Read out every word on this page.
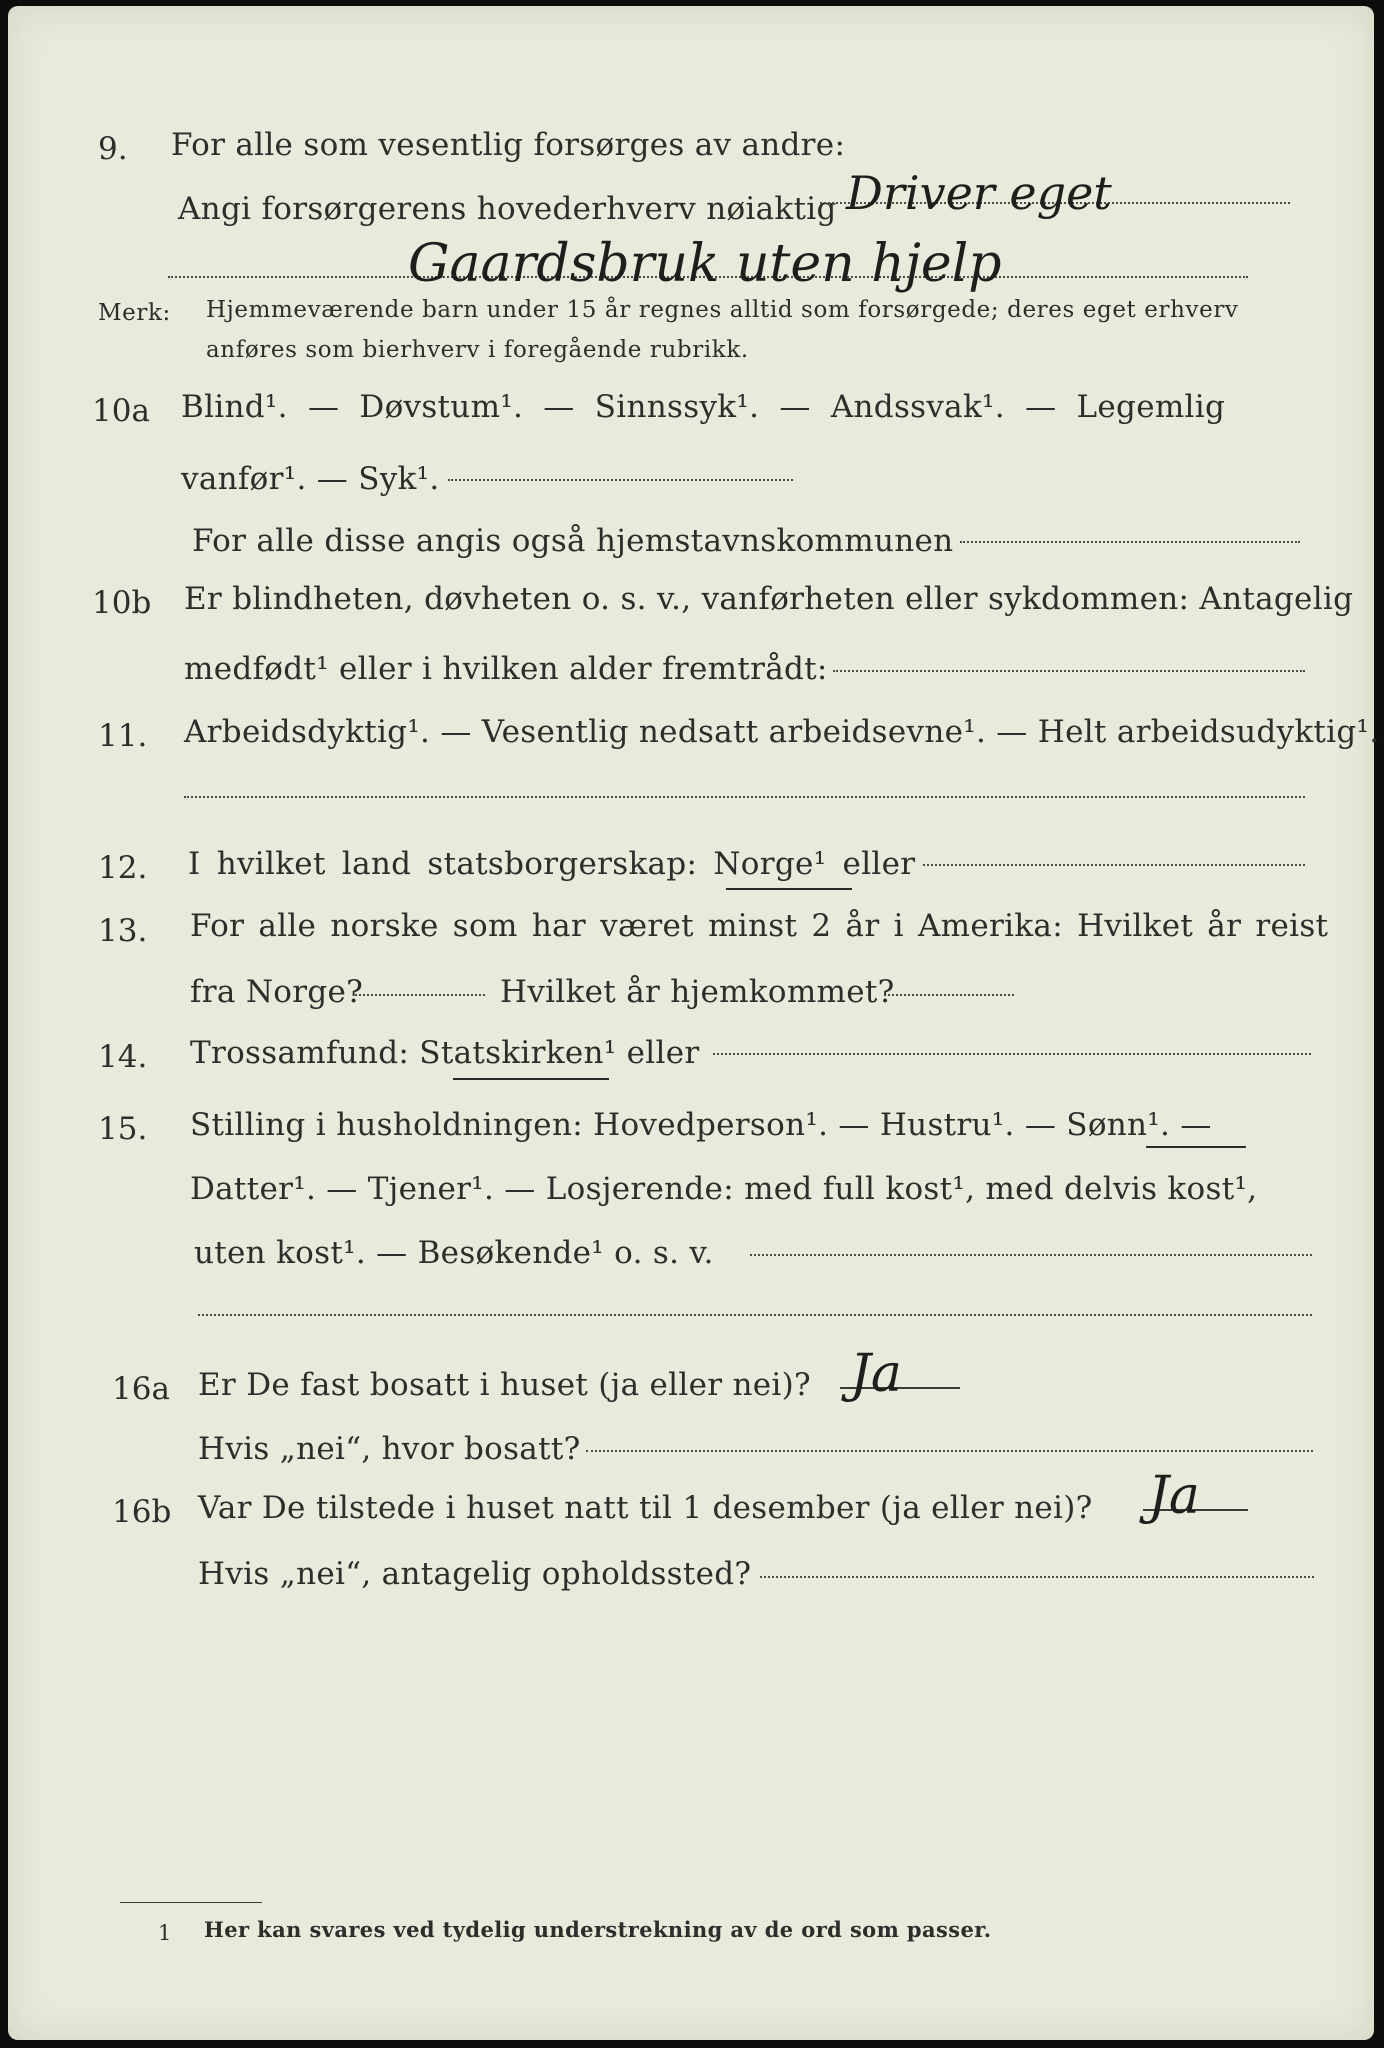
9. For alle som vesentlig forsørges av andre:
Angi forsørgerens hovederhverv nøiaktig Driver eget
Gaardsbruk uten hjelp
Merk: Hjemmeværende barn under 15 år regnes alltid som forsørgede; deres eget erhverv
anføres som bierhverv i foregående rubrikk.
10a Blind¹. — Døvstum¹. — Sinnssyk¹. — Andssvak¹. — Legemlig
vanfør¹. — Syk¹.
For alle disse angis også hjemstavnskommunen
10b Er blindheten, døvheten o. s. v., vanførheten eller sykdommen: Antagelig
medfødt¹ eller i hvilken alder fremtrådt:
11. Arbeidsdyktig¹. — Vesentlig nedsatt arbeidsevne¹. — Helt arbeidsudyktig¹.
12. I hvilket land statsborgerskap: Norge¹ eller
13. For alle norske som har været minst 2 år i Amerika: Hvilket år reist
fra Norge?	Hvilket år hjemkommet?
14. Trossamfund: Statskirken¹ eller
15. Stilling i husholdningen: Hovedperson¹. — Hustru¹. — Sønn¹. —
Datter¹. — Tjener¹. — Losjerende: med full kost¹, med delvis kost¹,
uten kost¹. — Besøkende¹ o. s. v.
16a Er De fast bosatt i huset (ja eller nei)? Ja
Hvis „nei“, hvor bosatt?
16b Var De tilstede i huset natt til 1 desember (ja eller nei)? Ja
Hvis „nei“, antagelig opholdssted?
1 Her kan svares ved tydelig understrekning av de ord som passer.
